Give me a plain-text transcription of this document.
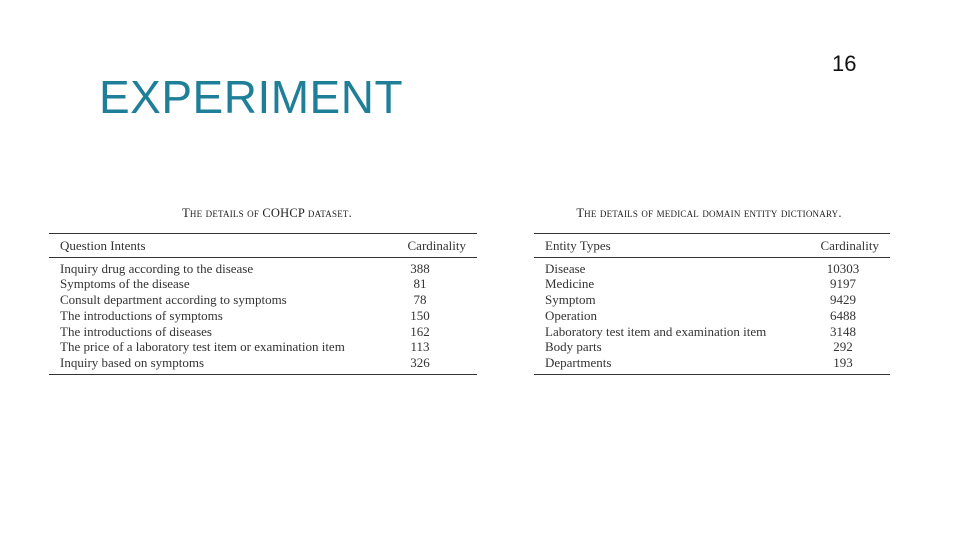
EXPERIMENT
16
The details of COHCP dataset.
Question Intents	Cardinality
Inquiry drug according to the disease	388
Symptoms of the disease	81
Consult department according to symptoms	78
The introductions of symptoms	150
The introductions of diseases	162
The price of a laboratory test item or examination item	113
Inquiry based on symptoms	326
The details of medical domain entity dictionary.
Entity Types	Cardinality
Disease	10303
Medicine	9197
Symptom	9429
Operation	6488
Laboratory test item and examination item	3148
Body parts	292
Departments	193
